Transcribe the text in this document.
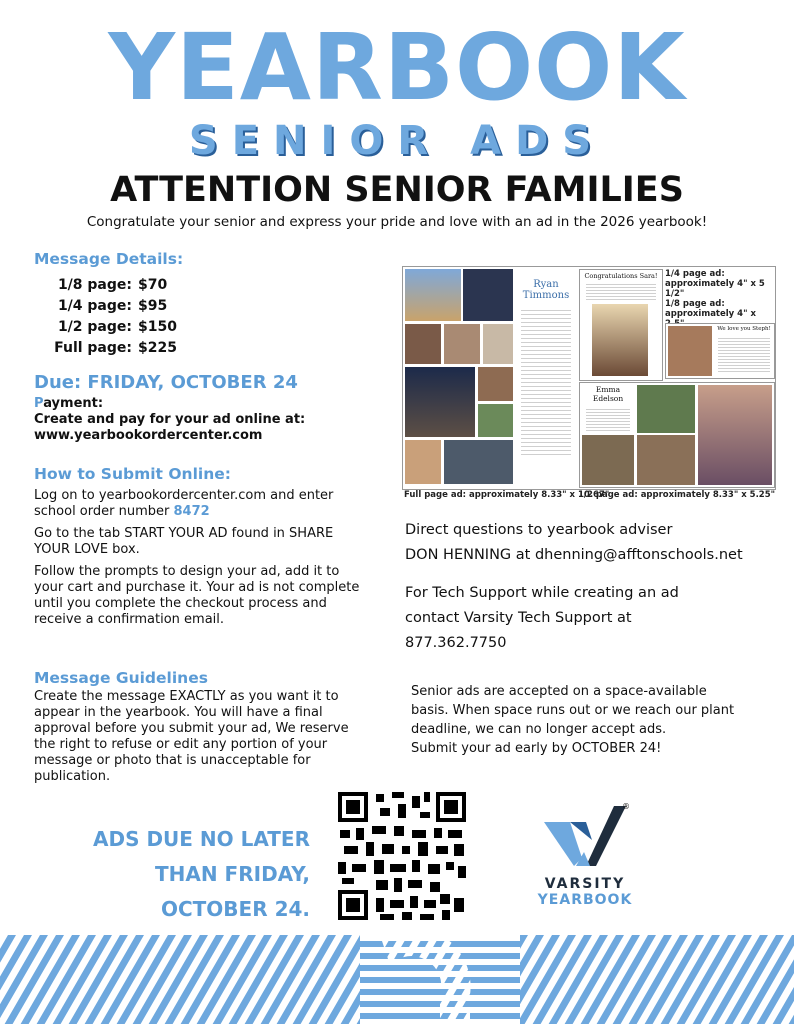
YEARBOOK
SENIOR ADS
ATTENTION SENIOR FAMILIES
Congratulate your senior and express your pride and love with an ad in the 2026 yearbook!
Message Details:
1/8 page: $70
1/4 page: $95
1/2 page: $150
Full page: $225
Due: FRIDAY, OCTOBER 24
Payment:
Create and pay for your ad online at:
www.yearbookordercenter.com
How to Submit Online:

Log on to yearbookordercenter.com and enter school order number 8472

Go to the tab START YOUR AD found in SHARE YOUR LOVE box.

Follow the prompts to design your ad, add it to your cart and purchase it. Your ad is not complete until you complete the checkout process and receive a confirmation email.

Message Guidelines

Create the message EXACTLY as you want it to appear in the yearbook. You will have a final approval before you submit your ad, We reserve the right to refuse or edit any portion of your message or photo that is unacceptable for publication.

Ryan
Timmons
Congratulations Sara! 1/4 page ad:
approximately 4" x 5 1/2"
1/8 page ad:
approximately 4" x
We love you Steph!
Emma
Edelson
Full page ad: approximately 8.33" x 10.67"
1/2 page ad: approximately 8.33" x 5.25"
Direct questions to yearbook adviser
DON HENNING at dhenning@afftonschools.net
For Tech Support while creating an ad
contact Varsity Tech Support at
877.362.7750
Senior ads are accepted on a space-available
basis. When space runs out or we reach our plant
deadline, we can no longer accept ads.
Submit your ad early by OCTOBER 24!
ADS DUE NO LATER
THAN FRIDAY,
OCTOBER 24.
®
VARSITY
YEARBOOK
